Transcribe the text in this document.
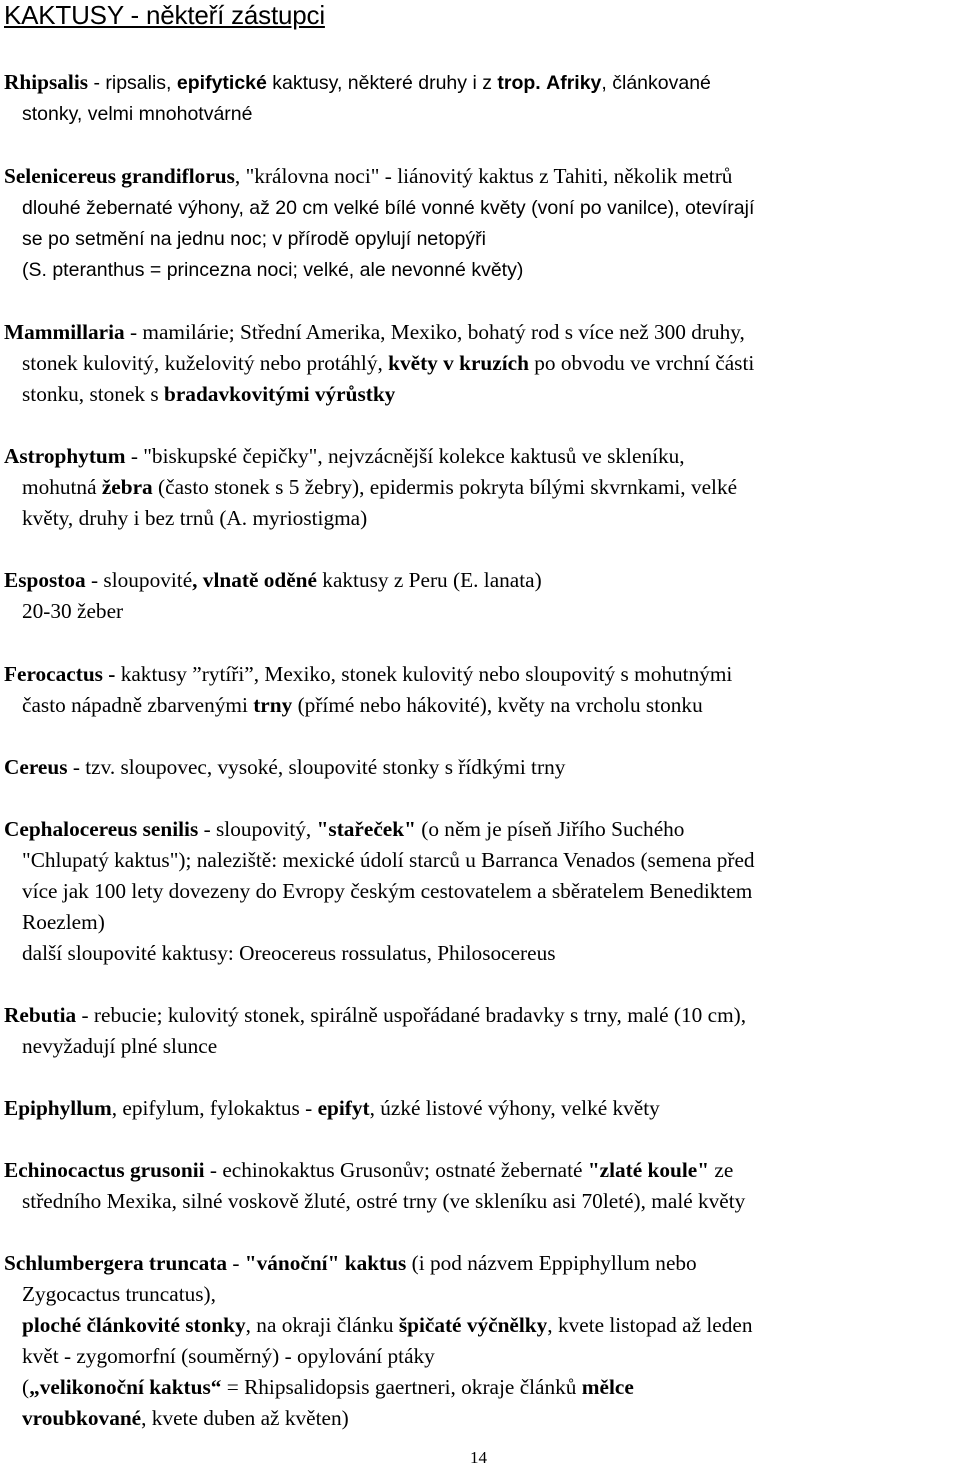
KAKTUSY - někteří zástupci
Rhipsalis - ripsalis, epifytické kaktusy, některé druhy i z trop. Afriky, článkované
stonky, velmi mnohotvárné
Selenicereus grandiflorus, "královna noci" - liánovitý kaktus z Tahiti, několik metrů
dlouhé žebernaté výhony, až 20 cm velké bílé vonné květy (voní po vanilce), otevírají
se po setmění na jednu noc; v přírodě opylují netopýři
(S. pteranthus = princezna noci; velké, ale nevonné květy)
Mammillaria - mamilárie; Střední Amerika, Mexiko, bohatý rod s více než 300 druhy,
stonek kulovitý, kuželovitý nebo protáhlý, květy v kruzích po obvodu ve vrchní části
stonku, stonek s bradavkovitými výrůstky
Astrophytum - "biskupské čepičky", nejvzácnější kolekce kaktusů ve skleníku,
mohutná žebra (často stonek s 5 žebry), epidermis pokryta bílými skvrnkami, velké
květy, druhy i bez trnů (A. myriostigma)
Espostoa - sloupovité, vlnatě oděné kaktusy z Peru (E. lanata)
20-30 žeber
Ferocactus - kaktusy ”rytíři”, Mexiko, stonek kulovitý nebo sloupovitý s mohutnými
často nápadně zbarvenými trny (přímé nebo hákovité), květy na vrcholu stonku
Cereus - tzv. sloupovec, vysoké, sloupovité stonky s řídkými trny
Cephalocereus senilis - sloupovitý, "stařeček" (o něm je píseň Jiřího Suchého
"Chlupatý kaktus"); naleziště: mexické údolí starců u Barranca Venados (semena před
více jak 100 lety dovezeny do Evropy českým cestovatelem a sběratelem Benediktem
Roezlem)
další sloupovité kaktusy: Oreocereus rossulatus, Philosocereus
Rebutia - rebucie; kulovitý stonek, spirálně uspořádané bradavky s trny, malé (10 cm),
nevyžadují plné slunce
Epiphyllum, epifylum, fylokaktus - epifyt, úzké listové výhony, velké květy
Echinocactus grusonii - echinokaktus Grusonův; ostnaté žebernaté "zlaté koule" ze
středního Mexika, silné voskově žluté, ostré trny (ve skleníku asi 70leté), malé květy
Schlumbergera truncata - "vánoční" kaktus (i pod názvem Eppiphyllum nebo
Zygocactus truncatus),
ploché článkovité stonky, na okraji článku špičaté výčnělky, kvete listopad až leden
květ - zygomorfní (souměrný) - opylování ptáky
(„velikonoční kaktus“ = Rhipsalidopsis gaertneri, okraje článků mělce
vroubkované, kvete duben až květen)
14
